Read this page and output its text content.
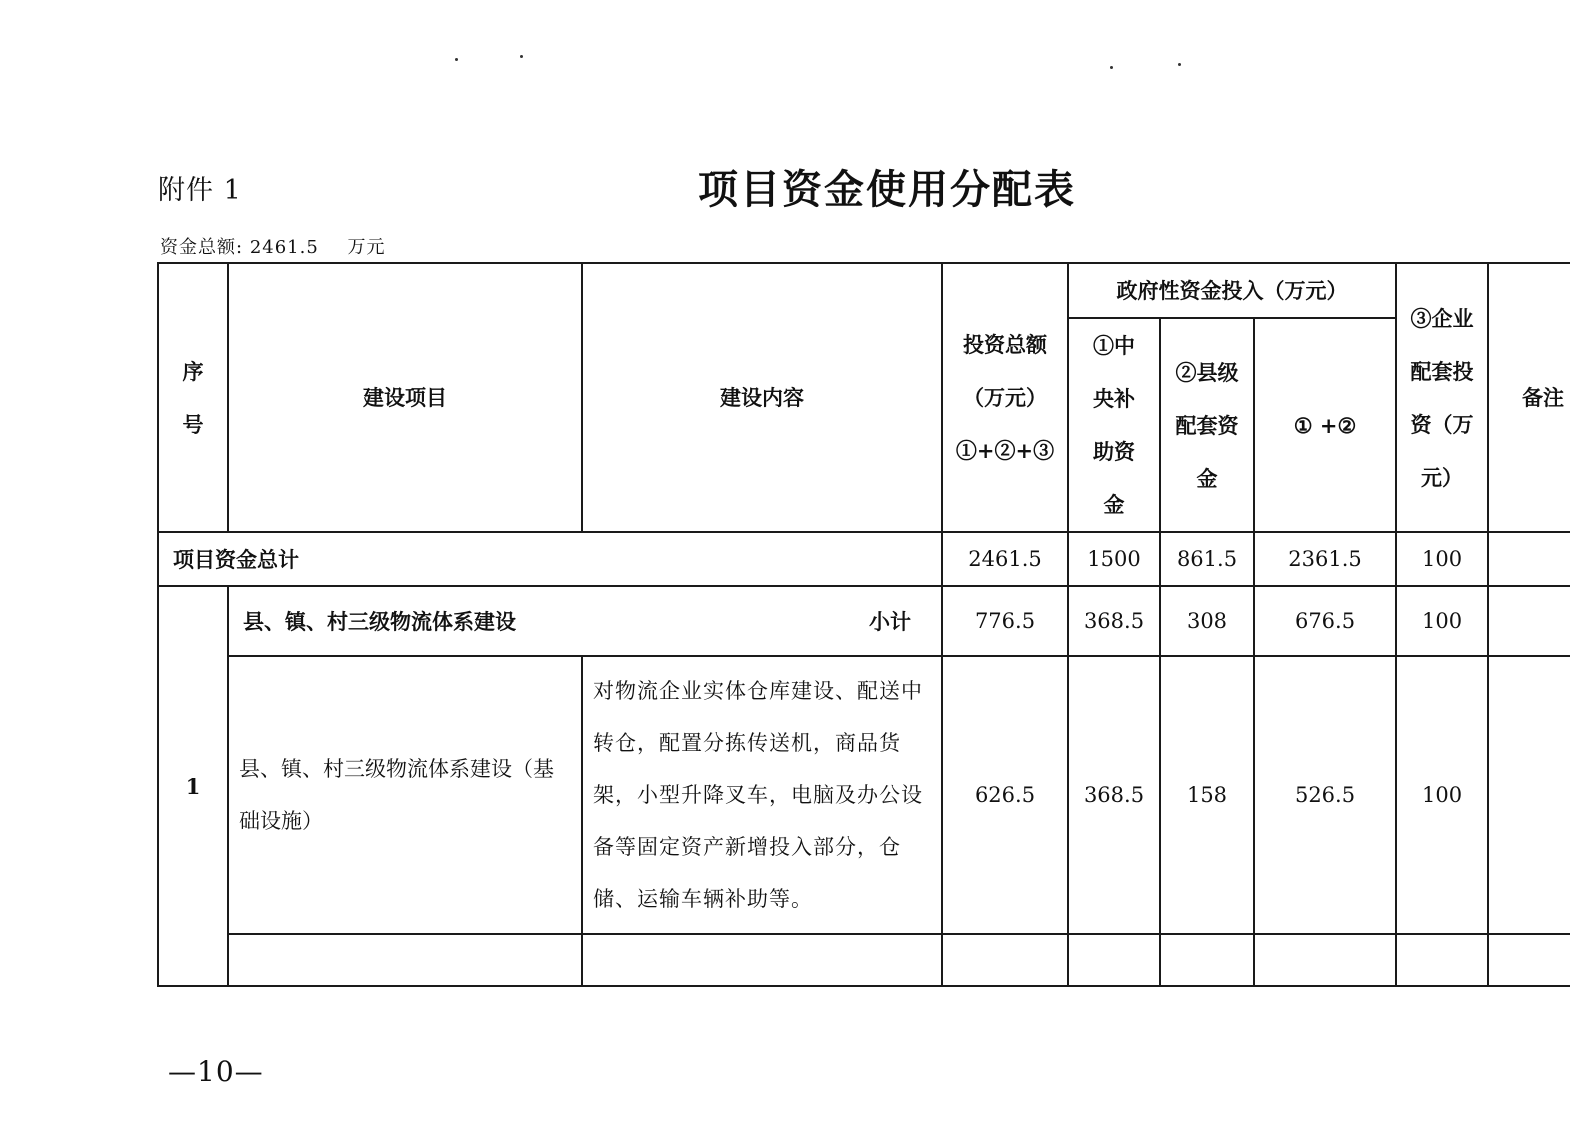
附件 1	项目资金使用分配表
资金总额: 2461.5 万元
序号	建设项目	建设内容	投资总额（万元）①+②+③	政府性资金投入（万元）			③企业配套投资（万元）	备注
				①中央补助资金	②县级配套资金	① +②		
项目资金总计			2461.5	1500	861.5	2361.5	100	
1	县、镇、村三级物流体系建设 小计		776.5	368.5	308	676.5	100	
	县、镇、村三级物流体系建设（基础设施）	对物流企业实体仓库建设、配送中转仓，配置分拣传送机，商品货架，小型升降叉车，电脑及办公设备等固定资产新增投入部分，仓储、运输车辆补助等。	626.5	368.5	158	526.5	100	

—10—
